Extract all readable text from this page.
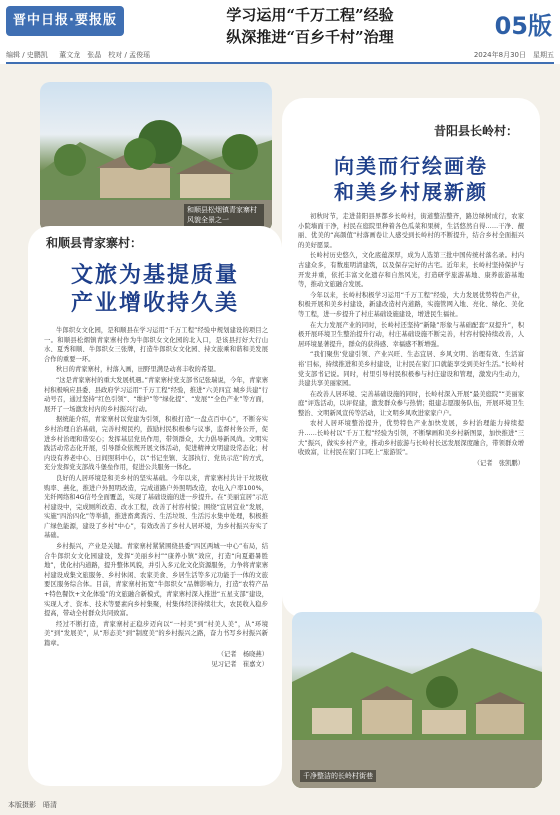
晋中日报·要报版	学习运用“千万工程”经验
纵深推进“百乡千村”治理	05版
编辑 / 史鹏凯 　 董文龙　张晶　校对 / 孟俊瑶	2024年8月30日　星期五
和顺县松烟镇青家寨村风貌全景之一
和顺县青家寨村：
文旅为基提质量
产业增收持久美

牛郎织女文化园，是和顺县在学习运用“千万工程”经验中规划建设的项目之一。和顺县松烟镇青家寨村作为牛郎织女文化园的北入口，是该县打好大行山水、夏秀和顺、牛郎织女三张牌，打造牛郎织女文化园、持文旅乘和谐和美发展合作的重要一环。

秋日的青家寨村，村落入画，田野里满是动喜丰收的希望。

“这是青家寨村的重大发展机遇。”青家寨村党支部书记张瑞说，今年，青家寨村积极响应县委、县政府学习运用“千万工程”经验，推进“六美四宜 城乡共建”行动号召，通过坚持“红色引领”、“维护”等“绿化提”、“发展”“全色产业”等方面，展开了一场激发村内的乡村振兴行动。

据统能介绍，青家寨村以党建为引领，积极打造“一盘点百中心”，不断夯实乡村治理自治基础，完善村规民约，鼓励村民积极参与议事，监督村务公开，促进乡村治理和谐安心；发挥基层党员作用，带领群众，大力倡导新风尚。文明实践活动常态化开展，引导群众依规开展文体活动，促进精神文明建设常态化；村内设有养老中心、日间照料中心，以“书记坐镇、支部执行、党员示范”的方式，充分发挥党支部战斗堡垒作用，促进公共服务一体化。

良好的人居环境是和美乡村的坚实基础。今年以来，青家寨村共计干垃圾收购率、燕化，推进户外照明改造，完成道路户外照明改造，农电入户率100%，光纤网络和4G信号全面覆盖，实现了基础设施的进一步提升。在“美丽宜居”示范村建设中，完成厕所改造、改水工程，改善了村容村貌；围绕“宜居宜业”发展，实施“四治四化”等举措，推进畜禽粪污、生活垃圾、生活污水集中处理，积极推广绿色能源，建设了乡村“中心”，有效改善了乡村人居环境，为乡村振兴夯实了基础。

乡村振兴，产业是关键。青家寨村紧紧围绕县委“四区两城一中心”布局，结合牛郎织女文化园建设，发挥“美丽乡村”“康养小镇”效应，打造“向夏避暑胜地”，优化村内道路，提升整体风貌，并引入多元化文化资源服务，力争将青家寨村建设成集文旅服务、乡村休闲、农家美食、乡居生活等多元功能于一体的文旅要区服务综合体。目前，青家寨村拓宽“牛郎织女”品牌影响力，打造“农特产品+特色餐饮+文化体验”的文旅融合新模式，青家寨村深入推进“五星支部”建设，实现人才、资本、技术等要素向乡村集聚，村集体经济持续壮大，农民收入稳步提高，带动全村群众共同致富。

经过不断打造，青家寨村正稳步迈向以“一村美”到“村美人美”，从“环境美”到“发展美”，从“形态美”到“制度美”的乡村振兴之路，奋力书写乡村振兴新篇章。

（记者　杨晓燕）

见习记者　崔嘉文）

昔阳县长岭村：
向美而行绘画卷
和美乡村展新颜

初秋时节，走进昔阳县界都乡长岭村，街道整洁整齐，路边绿树成行，农家小院墙面干净，村民在庭院里种着各色瓜菜和果树，生活悠然自得……干净、靓丽、优美的“高颜值”村落画卷让人感受到长岭村的不断提升，结合乡村全面振兴的美好愿景。

长岭村历史悠久，文化底蕴深厚，成为人选第三批中国传统村落名录。村内古建众多，有数座明清建筑，以及保存完好的古宅。近年来，长岭村坚持保护与开发并重，依托丰富文化遗存和自然风光，打造研学旅游基地、康养旅游基地等，推动文旅融合发展。

今年以来，长岭村积极学习运用“千万工程”经验，大力发展优势特色产业，积极开展和美乡村建设，新建改造村内道路，实施管网入地、亮化、绿化、美化等工程，进一步提升了村庄基础设施建设，增进民生福祉。

在大力发展产业的同时，长岭村还坚持“新隆”形象与基础配套“双提升”，积极开展环境卫生整治提升行动，村庄基础设施不断完善，村容村貌持续改善，人居环境显著提升，群众的获得感、幸福感不断增强。

“我们聚焦‘党建引领、产业兴旺、生态宜居、乡风文明、治理有效、生活富裕’目标，持续推进和美乡村建设，让村民在家门口就能享受到美好生活。”长岭村党支部书记说。同时，村里引导村民积极参与村庄建设和管理，激发内生动力，共建共享美丽家园。

在改善人居环境、完善基础设施的同时，长岭村深入开展“最美庭院”“美丽家庭”评选活动，以评促建，激发群众参与热情；组建志愿服务队伍，开展环境卫生整治、文明新风宣传等活动，让文明乡风吹进家家户户。

农村人居环境整治提升，优势特色产业加快发展，乡村治理能力持续提升……长岭村以“千万工程”经验为引领，不断擘画和美乡村新图景，加快推进“三大”振兴，做实乡村产业，推动乡村旅游与长岭村长远发展深度融合，带领群众增收致富，让村民在家门口吃上“旅游饭”。

（记者　张凯鹏）

千净整洁的长岭村街巷
本版摄影　晤清
